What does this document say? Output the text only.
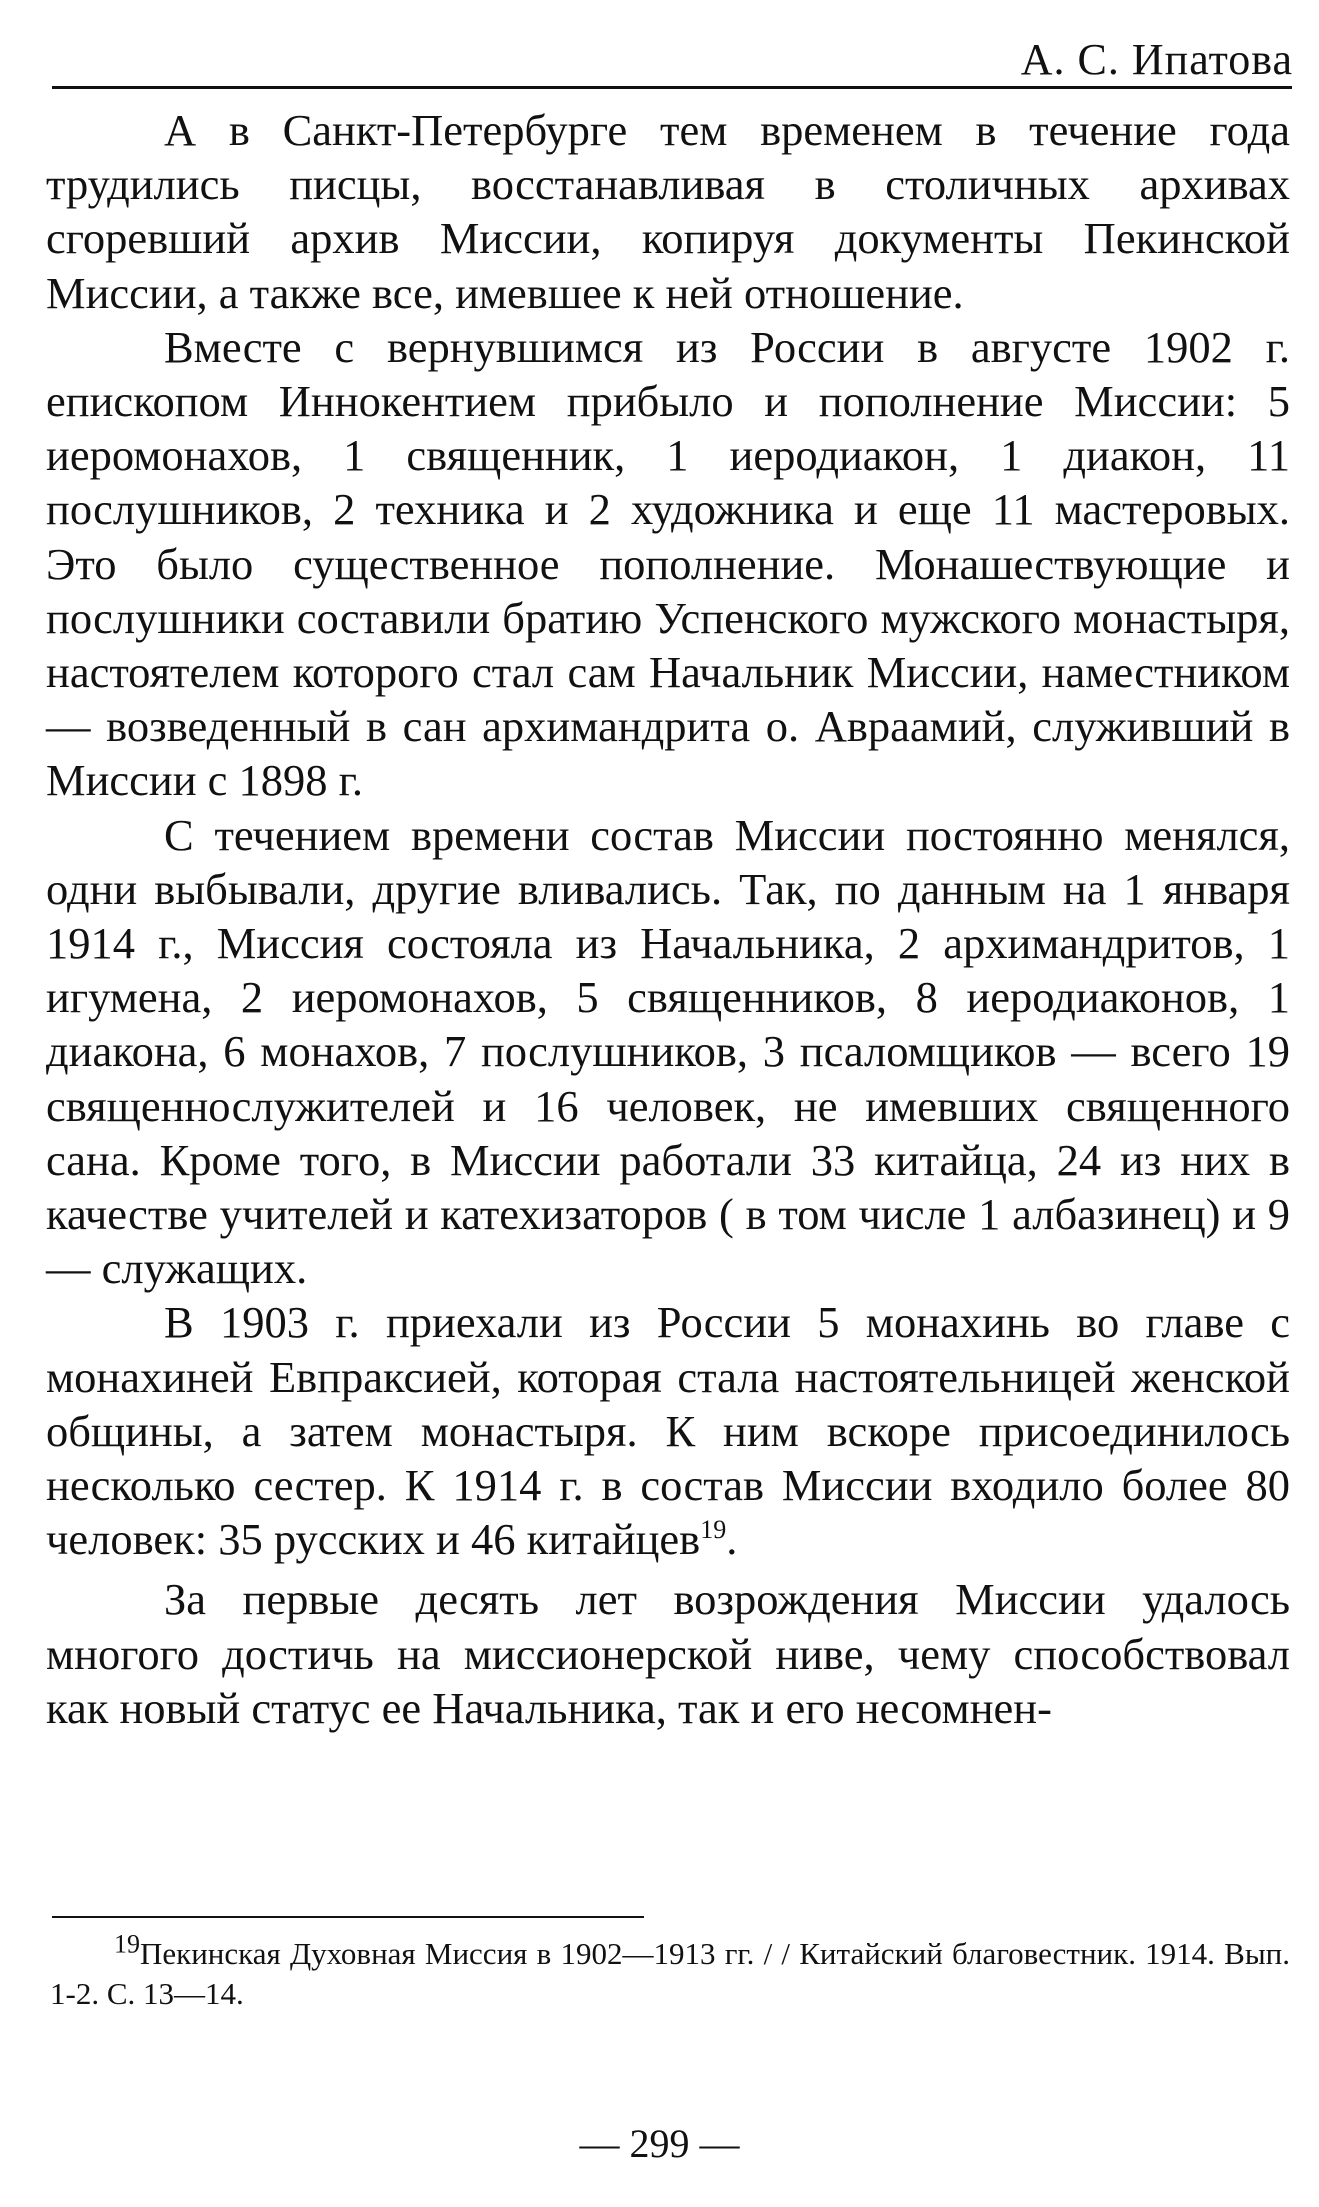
А. С. Ипатова

А в Санкт-Петербурге тем временем в течение года трудились писцы, восстанавливая в столичных архивах сгоревший архив Миссии, копируя документы Пекинской Миссии, а также все, имевшее к ней отношение.

Вместе с вернувшимся из России в августе 1902 г. епископом Иннокентием прибыло и пополнение Миссии: 5 иеромонахов, 1 священник, 1 иеродиакон, 1 диакон, 11 послушников, 2 техника и 2 художника и еще 11 мастеровых. Это было существенное пополнение. Монашествующие и послушники составили братию Успенского мужского монастыря, настоятелем которого стал сам Начальник Миссии, наместником — возведенный в сан архимандрита о. Авраамий, служивший в Миссии с 1898 г.

С течением времени состав Миссии постоянно менялся, одни выбывали, другие вливались. Так, по данным на 1 января 1914 г., Миссия состояла из Начальника, 2 архимандритов, 1 игумена, 2 иеромонахов, 5 священников, 8 иеродиаконов, 1 диакона, 6 монахов, 7 послушников, 3 псаломщиков — всего 19 священнослужителей и 16 человек, не имевших священного сана. Кроме того, в Миссии работали 33 китайца, 24 из них в качестве учителей и катехизаторов ( в том числе 1 албазинец) и 9 — служащих.

В 1903 г. приехали из России 5 монахинь во главе с монахиней Евпраксией, которая стала настоятельницей женской общины, а затем монастыря. К ним вскоре присоединилось несколько сестер. К 1914 г. в состав Миссии входило более 80 человек: 35 русских и 46 китайцев$^{19}$.

За первые десять лет возрождения Миссии удалось многого достичь на миссионерской ниве, чему способствовал как новый статус ее Начальника, так и его несомнен-

$^{19}$Пекинская Духовная Миссия в 1902—1913 гг. / / Китайский благовестник. 1914. Вып. 1-2. С. 13—14.

— 299 —
